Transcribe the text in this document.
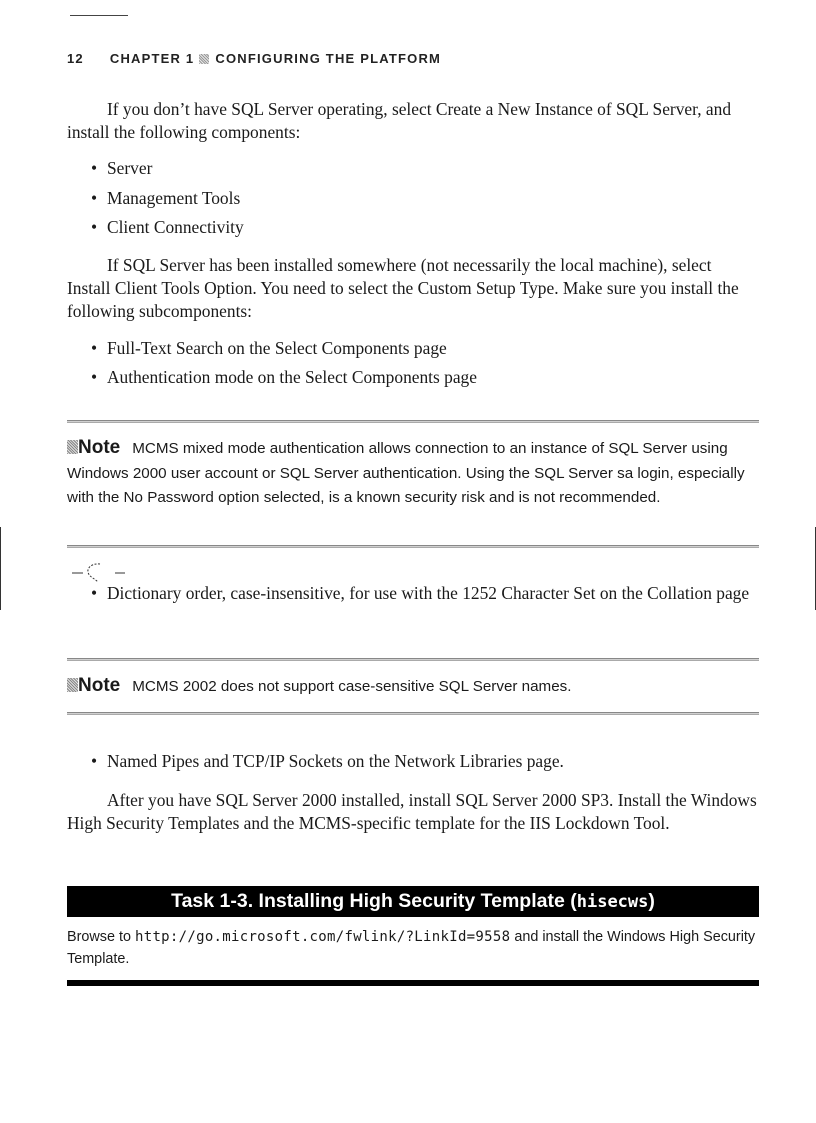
12 CHAPTER 1 CONFIGURING THE PLATFORM
If you don’t have SQL Server operating, select Create a New Instance of SQL Server, and install the following components:
• Server
• Management Tools
• Client Connectivity
If SQL Server has been installed somewhere (not necessarily the local machine), select Install Client Tools Option. You need to select the Custom Setup Type. Make sure you install the following subcomponents:
• Full-Text Search on the Select Components page
• Authentication mode on the Select Components page
Note MCMS mixed mode authentication allows connection to an instance of SQL Server using Windows 2000 user account or SQL Server authentication. Using the SQL Server sa login, especially with the No Password option selected, is a known security risk and is not recommended.
• Dictionary order, case-insensitive, for use with the 1252 Character Set on the Collation page
Note MCMS 2002 does not support case-sensitive SQL Server names.
• Named Pipes and TCP/IP Sockets on the Network Libraries page.
After you have SQL Server 2000 installed, install SQL Server 2000 SP3. Install the Windows High Security Templates and the MCMS-specific template for the IIS Lockdown Tool.
Task 1-3. Installing High Security Template (hisecws)
Browse to http://go.microsoft.com/fwlink/?LinkId=9558 and install the Windows High Security Template.
